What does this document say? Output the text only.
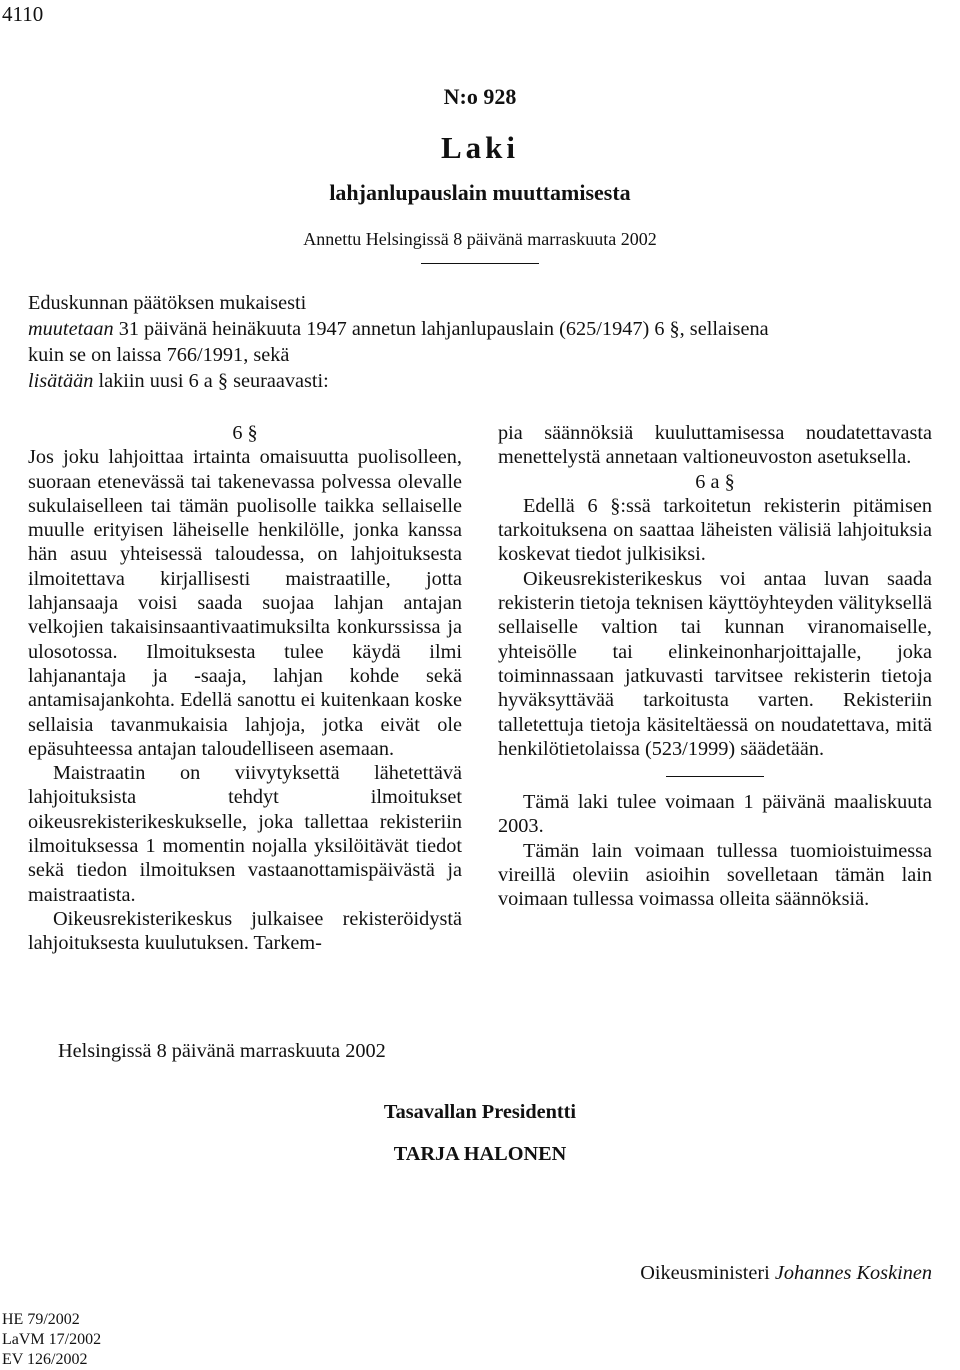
4110
N:o 928
Laki
lahjanlupauslain muuttamisesta
Annettu Helsingissä 8 päivänä marraskuuta 2002

Eduskunnan päätöksen mukaisesti

muutetaan 31 päivänä heinäkuuta 1947 annetun lahjanlupauslain (625/1947) 6 §, sellaisena

kuin se on laissa 766/1991, sekä

lisätään lakiin uusi 6 a § seuraavasti:

6 §

Jos joku lahjoittaa irtainta omaisuutta puolisolleen, suoraan etenevässä tai takenevassa polvessa olevalle sukulaiselleen tai tämän puolisolle taikka sellaiselle muulle erityisen läheiselle henkilölle, jonka kanssa hän asuu yhteisessä taloudessa, on lahjoituksesta ilmoitettava kirjallisesti maistraatille, jotta lahjansaaja voisi saada suojaa lahjan antajan velkojien takaisinsaantivaatimuksilta konkurssissa ja ulosotossa. Ilmoituksesta tulee käydä ilmi lahjanantaja ja -saaja, lahjan kohde sekä antamisajankohta. Edellä sanottu ei kuitenkaan koske sellaisia tavanmukaisia lahjoja, jotka eivät ole epäsuhteessa antajan taloudelliseen asemaan.

Maistraatin on viivytyksettä lähetettävä lahjoituksista tehdyt ilmoitukset oikeusrekisterikeskukselle, joka tallettaa rekisteriin ilmoituksessa 1 momentin nojalla yksilöitävät tiedot sekä tiedon ilmoituksen vastaanottamispäivästä ja maistraatista.

Oikeusrekisterikeskus julkaisee rekisteröidystä lahjoituksesta kuulutuksen. Tarkem-

pia säännöksiä kuuluttamisessa noudatettavasta menettelystä annetaan valtioneuvoston asetuksella.

6 a §

Edellä 6 §:ssä tarkoitetun rekisterin pitämisen tarkoituksena on saattaa läheisten välisiä lahjoituksia koskevat tiedot julkisiksi.

Oikeusrekisterikeskus voi antaa luvan saada rekisterin tietoja teknisen käyttöyhteyden välityksellä sellaiselle valtion tai kunnan viranomaiselle, yhteisölle tai elinkeinonharjoittajalle, joka toiminnassaan jatkuvasti tarvitsee rekisterin tietoja hyväksyttävää tarkoitusta varten. Rekisteriin talletettuja tietoja käsiteltäessä on noudatettava, mitä henkilötietolaissa (523/1999) säädetään.

Tämä laki tulee voimaan 1 päivänä maaliskuuta 2003.

Tämän lain voimaan tullessa tuomioistuimessa vireillä oleviin asioihin sovelletaan tämän lain voimaan tullessa voimassa olleita säännöksiä.

Helsingissä 8 päivänä marraskuuta 2002
Tasavallan Presidentti
TARJA HALONEN
Oikeusministeri Johannes Koskinen
HE 79/2002
LaVM 17/2002
EV 126/2002
